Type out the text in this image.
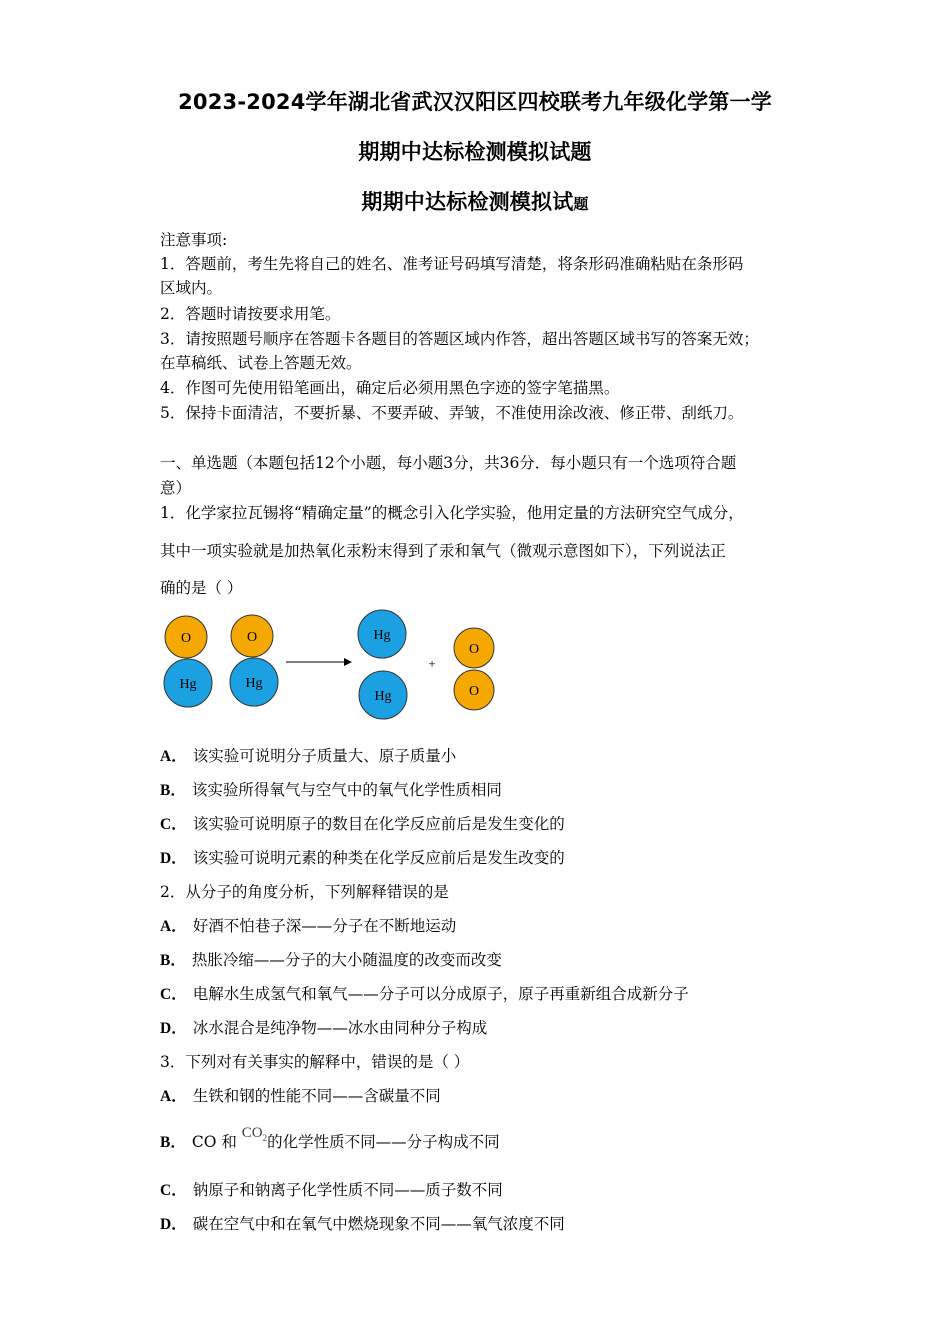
2023-2024学年湖北省武汉汉阳区四校联考九年级化学第一学
期期中达标检测模拟试题
期期中达标检测模拟试题
注意事项:
1．答题前，考生先将自己的姓名、准考证号码填写清楚，将条形码准确粘贴在条形码
区域内。
2．答题时请按要求用笔。
3．请按照题号顺序在答题卡各题目的答题区域内作答，超出答题区域书写的答案无效；
在草稿纸、试卷上答题无效。
4．作图可先使用铅笔画出，确定后必须用黑色字迹的签字笔描黑。
5．保持卡面清洁，不要折暴、不要弄破、弄皱，不准使用涂改液、修正带、刮纸刀。
一、单选题（本题包括12个小题，每小题3分，共36分．每小题只有一个选项符合题
意）
1．化学家拉瓦锡将“精确定量”的概念引入化学实验，他用定量的方法研究空气成分，
其中一项实验就是加热氧化汞粉末得到了汞和氧气（微观示意图如下），下列说法正
确的是（ ）
O
Hg
O
Hg
Hg
Hg
+
O
O
A． 该实验可说明分子质量大、原子质量小
B． 该实验所得氧气与空气中的氧气化学性质相同
C． 该实验可说明原子的数目在化学反应前后是发生变化的
D． 该实验可说明元素的种类在化学反应前后是发生改变的
2．从分子的角度分析，下列解释错误的是
A． 好酒不怕巷子深——分子在不断地运动
B． 热胀冷缩——分子的大小随温度的改变而改变
C． 电解水生成氢气和氧气——分子可以分成原子，原子再重新组合成新分子
D． 冰水混合是纯净物——冰水由同种分子构成
3．下列对有关事实的解释中，错误的是（ ）
A． 生铁和钢的性能不同——含碳量不同
B． CO 和 $CO_2$的化学性质不同——分子构成不同
C． 钠原子和钠离子化学性质不同——质子数不同
D． 碳在空气中和在氧气中燃烧现象不同——氧气浓度不同
